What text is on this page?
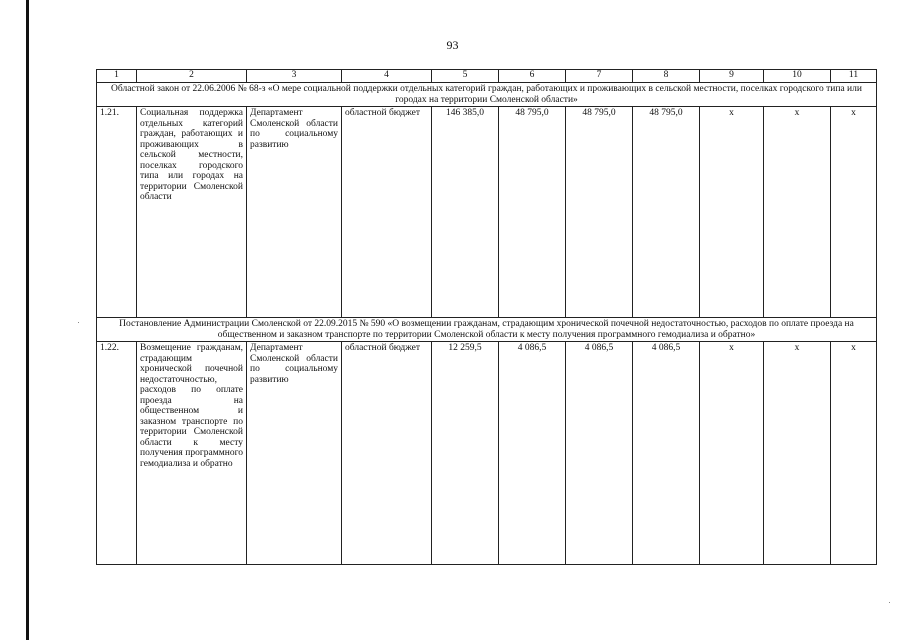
93
1	2	3	4	5	6	7	8	9	10	11
Областной закон от 22.06.2006 № 68-з «О мере социальной поддержки отдельных категорий граждан, работающих и проживающих в сельской местности, поселках городского типа или городах на территории Смоленской области»										
1.21.	Социальная поддержка отдельных категорий граждан, работающих и проживающих в сельской местности, поселках городского типа или городах на территории Смоленской области	Департамент Смоленской области по социальному развитию	областной бюджет	146 385,0	48 795,0	48 795,0	48 795,0	x	x	x
Постановление Администрации Смоленской от 22.09.2015 № 590 «О возмещении гражданам, страдающим хронической почечной недостаточностью, расходов по оплате проезда на общественном и заказном транспорте по территории Смоленской области к месту получения программного гемодиализа и обратно»										
1.22.	Возмещение гражданам, страдающим хронической почечной недостаточностью, расходов по оплате проезда на общественном и заказном транспорте по территории Смоленской области к месту получения программного гемодиализа и обратно	Департамент Смоленской области по социальному развитию	областной бюджет	12 259,5	4 086,5	4 086,5	4 086,5	x	x	x
